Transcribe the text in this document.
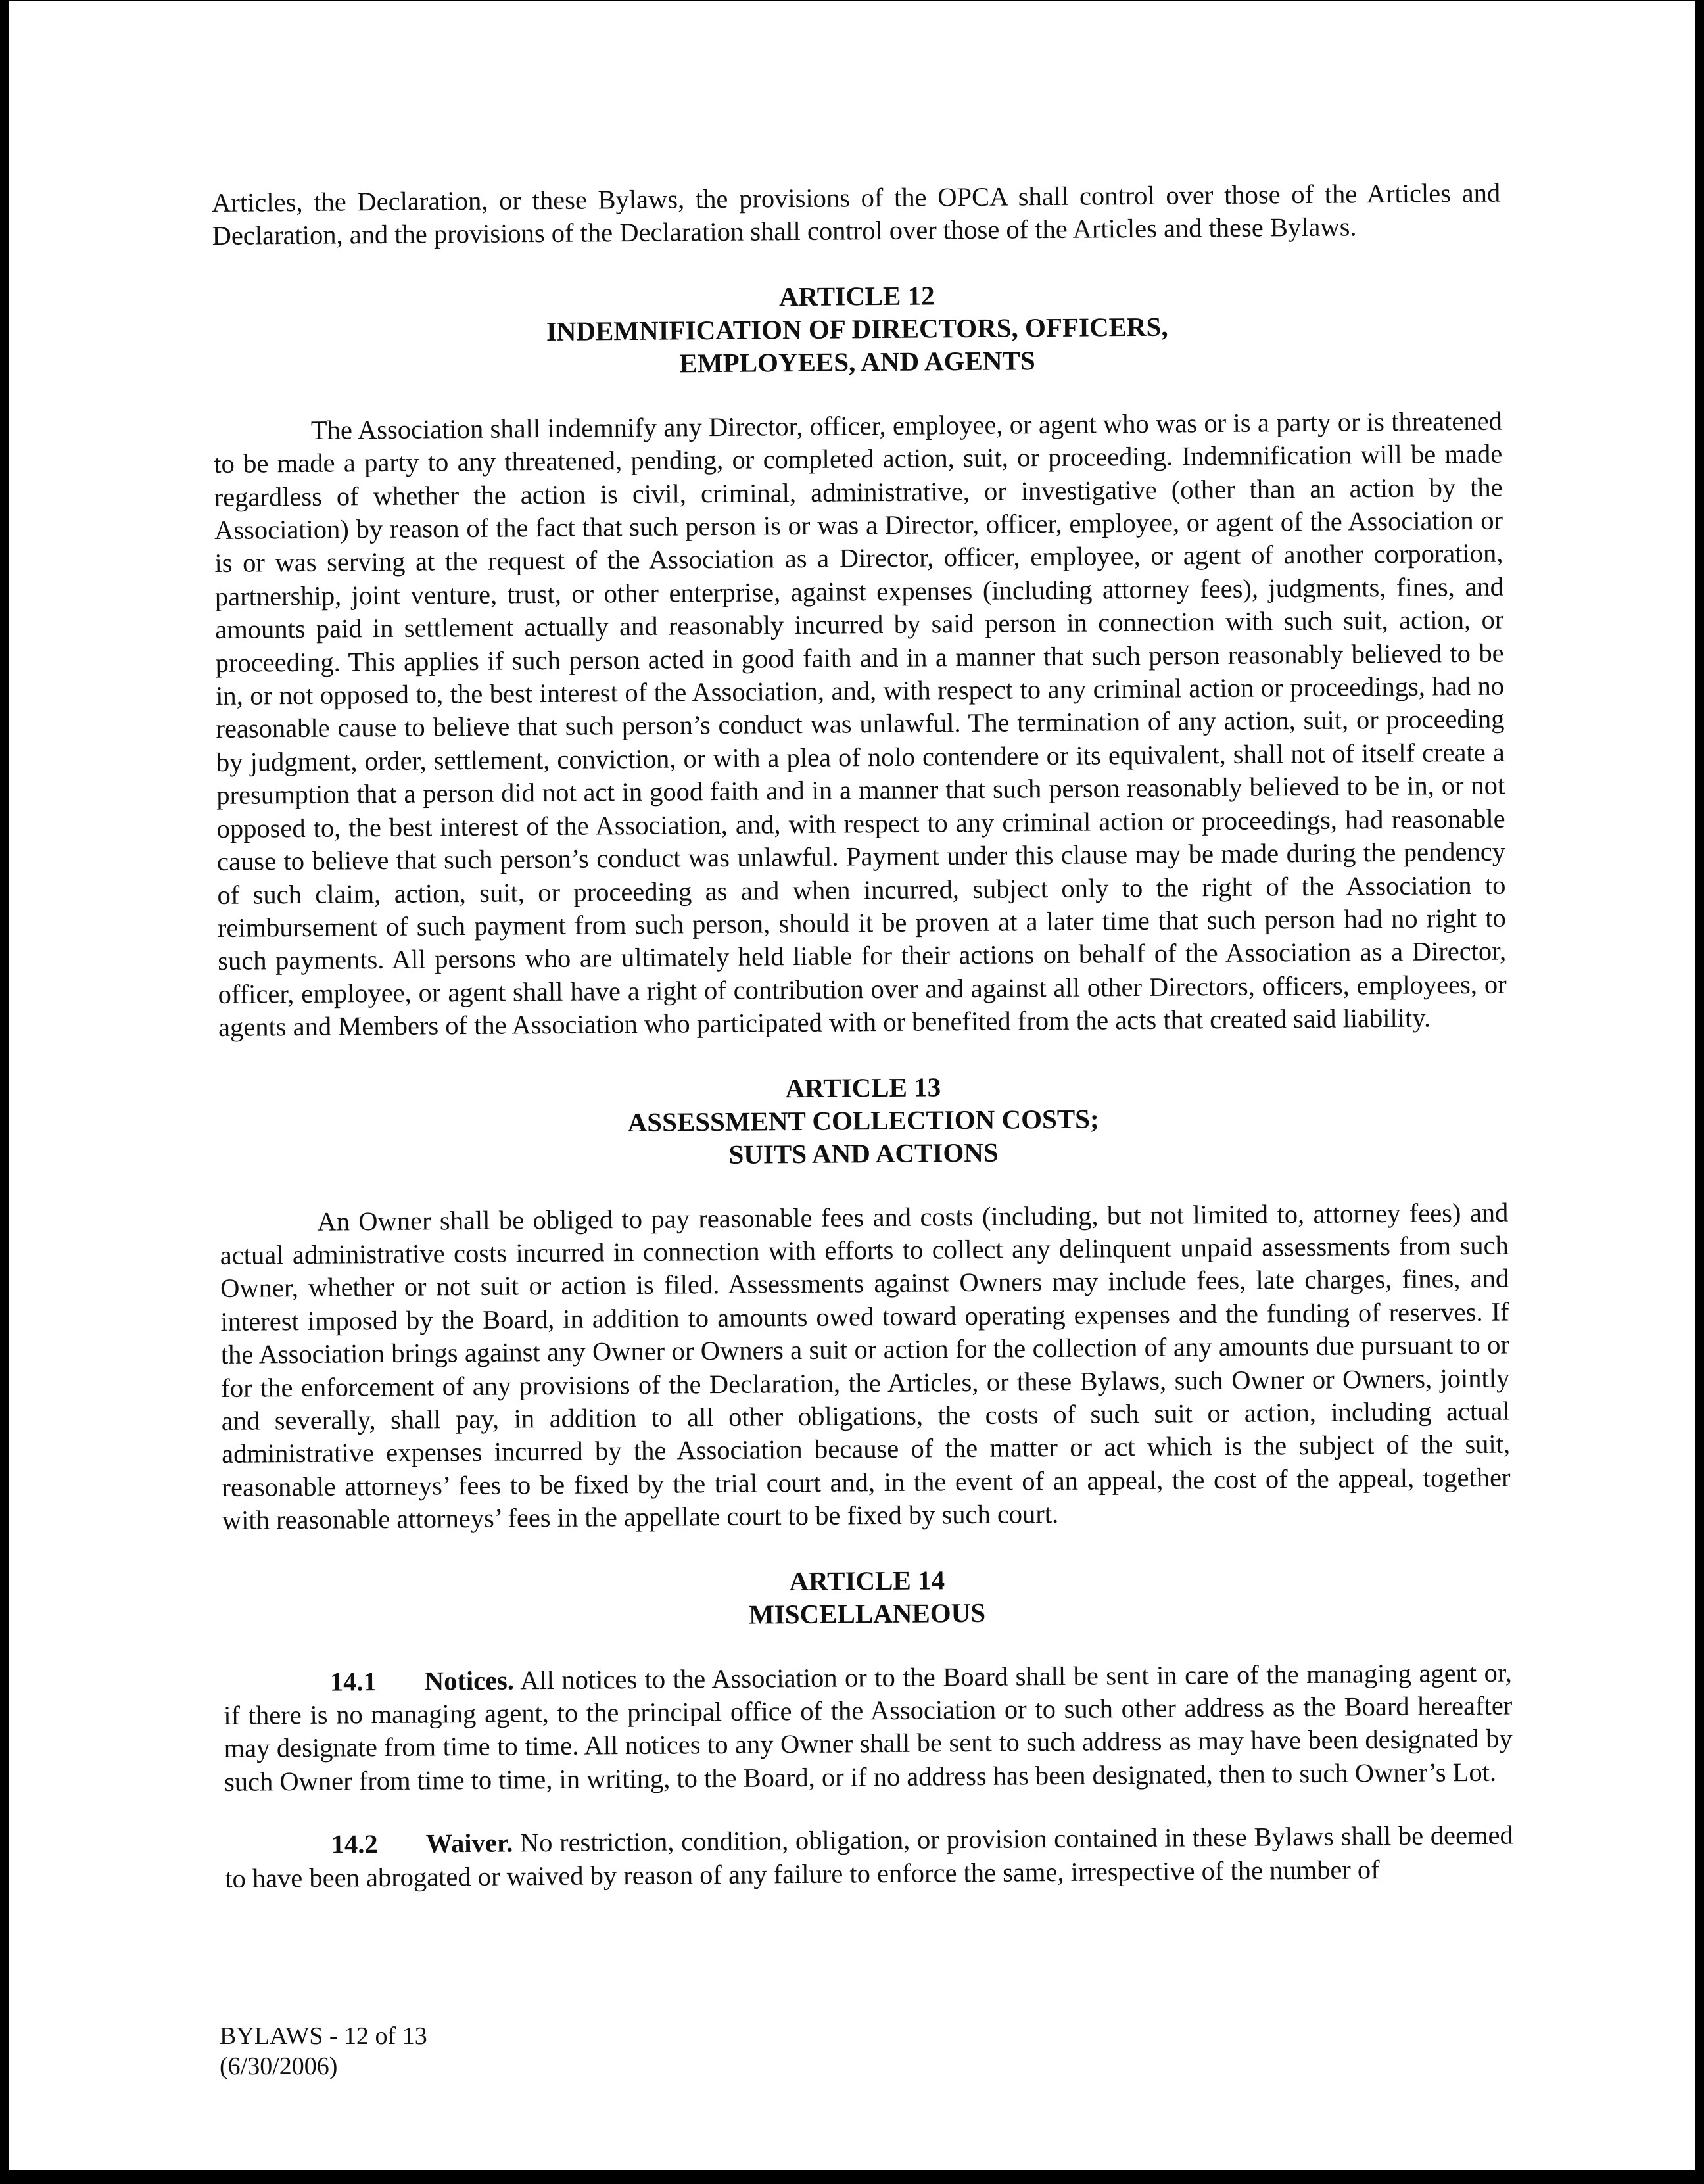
Articles, the Declaration, or these Bylaws, the provisions of the OPCA shall control over those of the Articles and Declaration, and the provisions of the Declaration shall control over those of the Articles and these Bylaws.

ARTICLE 12
INDEMNIFICATION OF DIRECTORS, OFFICERS,
EMPLOYEES, AND AGENTS

The Association shall indemnify any Director, officer, employee, or agent who was or is a party or is threatened to be made a party to any threatened, pending, or completed action, suit, or proceeding. Indemnification will be made regardless of whether the action is civil, criminal, administrative, or investigative (other than an action by the Association) by reason of the fact that such person is or was a Director, officer, employee, or agent of the Association or is or was serving at the request of the Association as a Director, officer, employee, or agent of another corporation, partnership, joint venture, trust, or other enterprise, against expenses (including attorney fees), judgments, fines, and amounts paid in settlement actually and reasonably incurred by said person in connection with such suit, action, or proceeding. This applies if such person acted in good faith and in a manner that such person reasonably believed to be in, or not opposed to, the best interest of the Association, and, with respect to any criminal action or proceedings, had no reasonable cause to believe that such person’s conduct was unlawful. The termination of any action, suit, or proceeding by judgment, order, settlement, conviction, or with a plea of nolo contendere or its equivalent, shall not of itself create a presumption that a person did not act in good faith and in a manner that such person reasonably believed to be in, or not opposed to, the best interest of the Association, and, with respect to any criminal action or proceedings, had reasonable cause to believe that such person’s conduct was unlawful. Payment under this clause may be made during the pendency of such claim, action, suit, or proceeding as and when incurred, subject only to the right of the Association to reimbursement of such payment from such person, should it be proven at a later time that such person had no right to such payments. All persons who are ultimately held liable for their actions on behalf of the Association as a Director, officer, employee, or agent shall have a right of contribution over and against all other Directors, officers, employees, or agents and Members of the Association who participated with or benefited from the acts that created said liability.

ARTICLE 13
ASSESSMENT COLLECTION COSTS;
SUITS AND ACTIONS

An Owner shall be obliged to pay reasonable fees and costs (including, but not limited to, attorney fees) and actual administrative costs incurred in connection with efforts to collect any delinquent unpaid assessments from such Owner, whether or not suit or action is filed. Assessments against Owners may include fees, late charges, fines, and interest imposed by the Board, in addition to amounts owed toward operating expenses and the funding of reserves. If the Association brings against any Owner or Owners a suit or action for the collection of any amounts due pursuant to or for the enforcement of any provisions of the Declaration, the Articles, or these Bylaws, such Owner or Owners, jointly and severally, shall pay, in addition to all other obligations, the costs of such suit or action, including actual administrative expenses incurred by the Association because of the matter or act which is the subject of the suit, reasonable attorneys’ fees to be fixed by the trial court and, in the event of an appeal, the cost of the appeal, together with reasonable attorneys’ fees in the appellate court to be fixed by such court.

ARTICLE 14
MISCELLANEOUS

14.1 Notices. All notices to the Association or to the Board shall be sent in care of the managing agent or, if there is no managing agent, to the principal office of the Association or to such other address as the Board hereafter may designate from time to time. All notices to any Owner shall be sent to such address as may have been designated by such Owner from time to time, in writing, to the Board, or if no address has been designated, then to such Owner’s Lot.

14.2 Waiver. No restriction, condition, obligation, or provision contained in these Bylaws shall be deemed to have been abrogated or waived by reason of any failure to enforce the same, irrespective of the number of

BYLAWS - 12 of 13
(6/30/2006)
